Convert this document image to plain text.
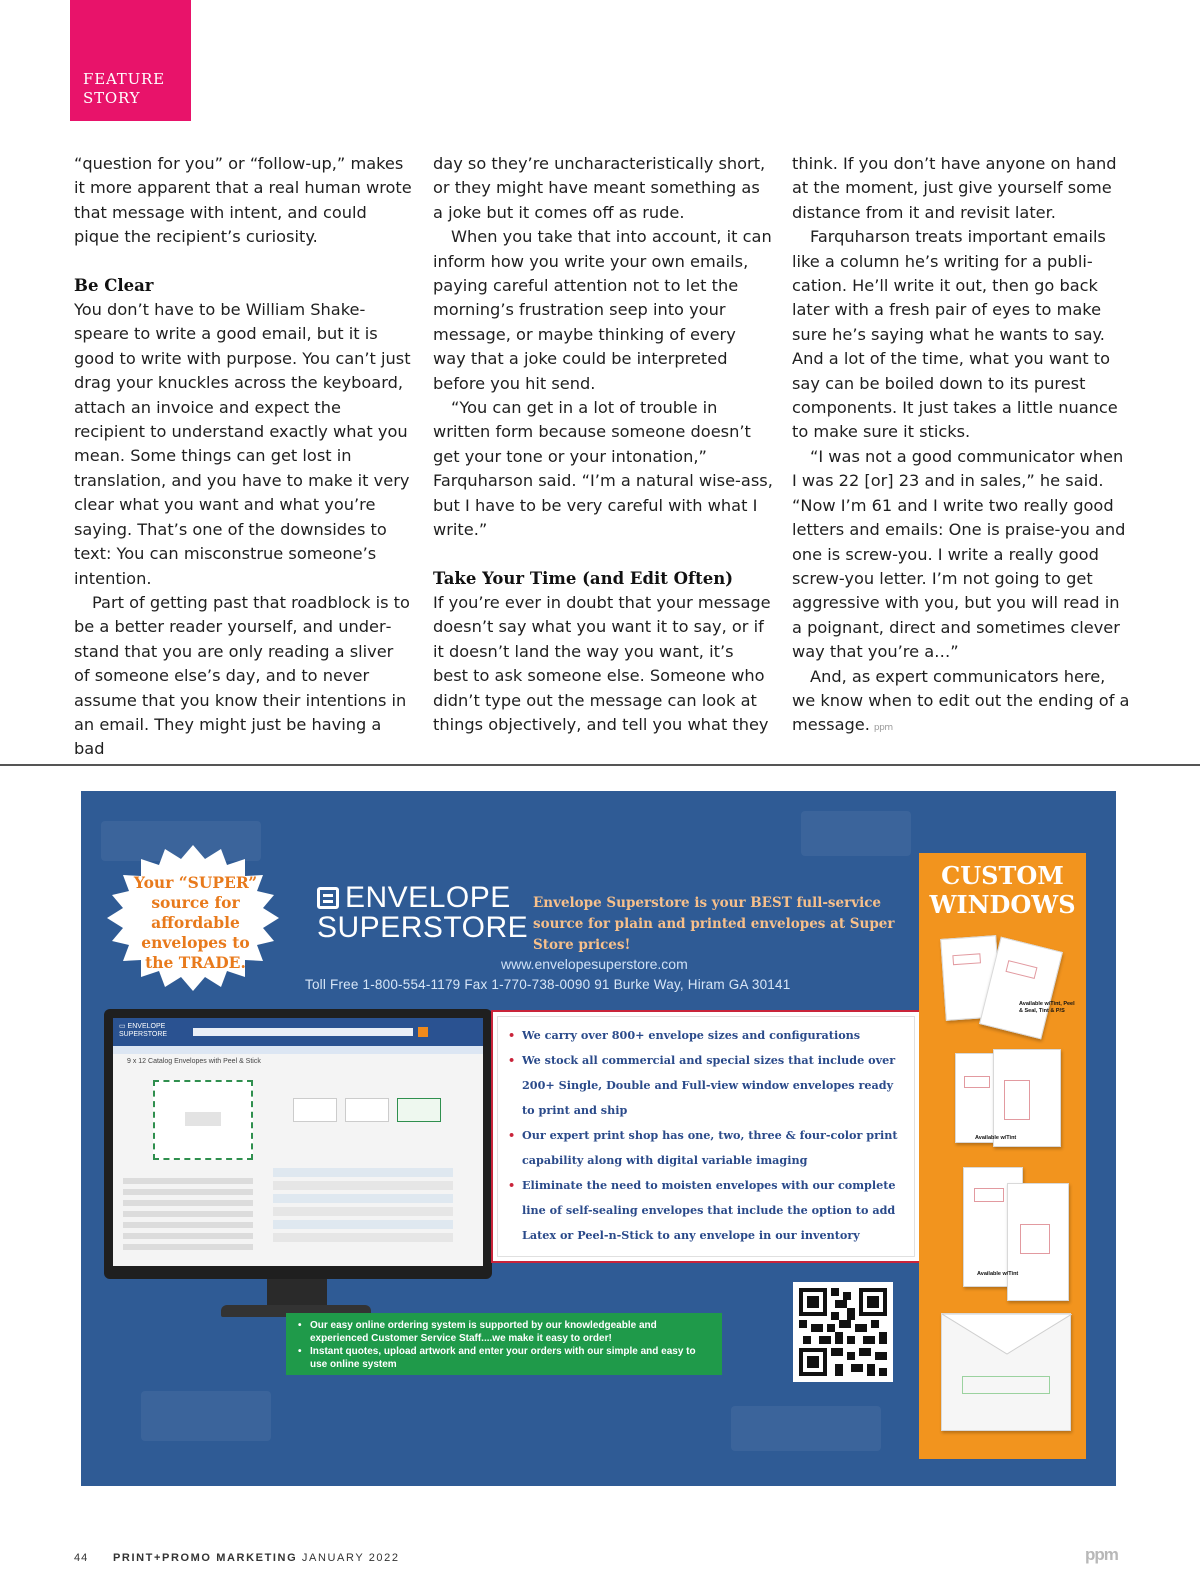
FEATURE
STORY

“question for you” or “follow-up,” makes it more apparent that a real human wrote that message with intent, and could pique the recipient’s curiosity.

Be Clear

You don’t have to be William Shakespeare to write a good email, but it is good to write with purpose. You can’t just drag your knuckles across the keyboard, attach an invoice and expect the recipient to understand exactly what you mean. Some things can get lost in translation, and you have to make it very clear what you want and what you’re saying. That’s one of the downsides to text: You can misconstrue someone’s intention.

Part of getting past that roadblock is to be a better reader yourself, and understand that you are only reading a sliver of someone else’s day, and to never assume that you know their intentions in an email. They might just be having a bad

day so they’re uncharacteristically short, or they might have meant something as a joke but it comes off as rude.

When you take that into account, it can inform how you write your own emails, paying careful attention not to let the morning’s frustration seep into your message, or maybe thinking of every way that a joke could be interpreted before you hit send.

“You can get in a lot of trouble in written form because someone doesn’t get your tone or your intonation,” Farquharson said. “I’m a natural wise-ass, but I have to be very careful with what I write.”

Take Your Time (and Edit Often)

If you’re ever in doubt that your message doesn’t say what you want it to say, or if it doesn’t land the way you want, it’s best to ask someone else. Someone who didn’t type out the message can look at things objectively, and tell you what they

think. If you don’t have anyone on hand at the moment, just give yourself some distance from it and revisit later.

Farquharson treats important emails like a column he’s writing for a publication. He’ll write it out, then go back later with a fresh pair of eyes to make sure he’s saying what he wants to say. And a lot of the time, what you want to say can be boiled down to its purest components. It just takes a little nuance to make sure it sticks.

“I was not a good communicator when I was 22 [or] 23 and in sales,” he said. “Now I’m 61 and I write two really good letters and emails: One is praise-you and one is screw-you. I write a really good screw-you letter. I’m not going to get aggressive with you, but you will read in a poignant, direct and sometimes clever way that you’re a…”

And, as expert communicators here, we know when to edit out the ending of a message. ppm

Your “SUPER” source for affordable envelopes to the TRADE.
ENVELOPE
SUPERSTORE
Envelope Superstore is your BEST full-service source for plain and printed envelopes at Super Store prices!
www.envelopesuperstore.com
Toll Free 1-800-554-1179 Fax 1-770-738-0090 91 Burke Way, Hiram GA 30141
▭ ENVELOPE
SUPERSTORE
9 x 12 Catalog Envelopes with Peel & Stick
• We carry over 800+ envelope sizes and configurations
• We stock all commercial and special sizes that include over 200+ Single, Double and Full-view window envelopes ready to print and ship
• Our expert print shop has one, two, three & four-color print capability along with digital variable imaging
• Eliminate the need to moisten envelopes with our complete line of self-sealing envelopes that include the option to add Latex or Peel-n-Stick to any envelope in our inventory
• Our easy online ordering system is supported by our knowledgeable and experienced Customer Service Staff....we make it easy to order!
• Instant quotes, upload artwork and enter your orders with our simple and easy to use online system
CUSTOM WINDOWS
Available w/Tint, Peel & Seal, Tint & P/S
Available w/Tint
Available w/Tint
44 PRINT+PROMO MARKETING JANUARY 2022	ppm
